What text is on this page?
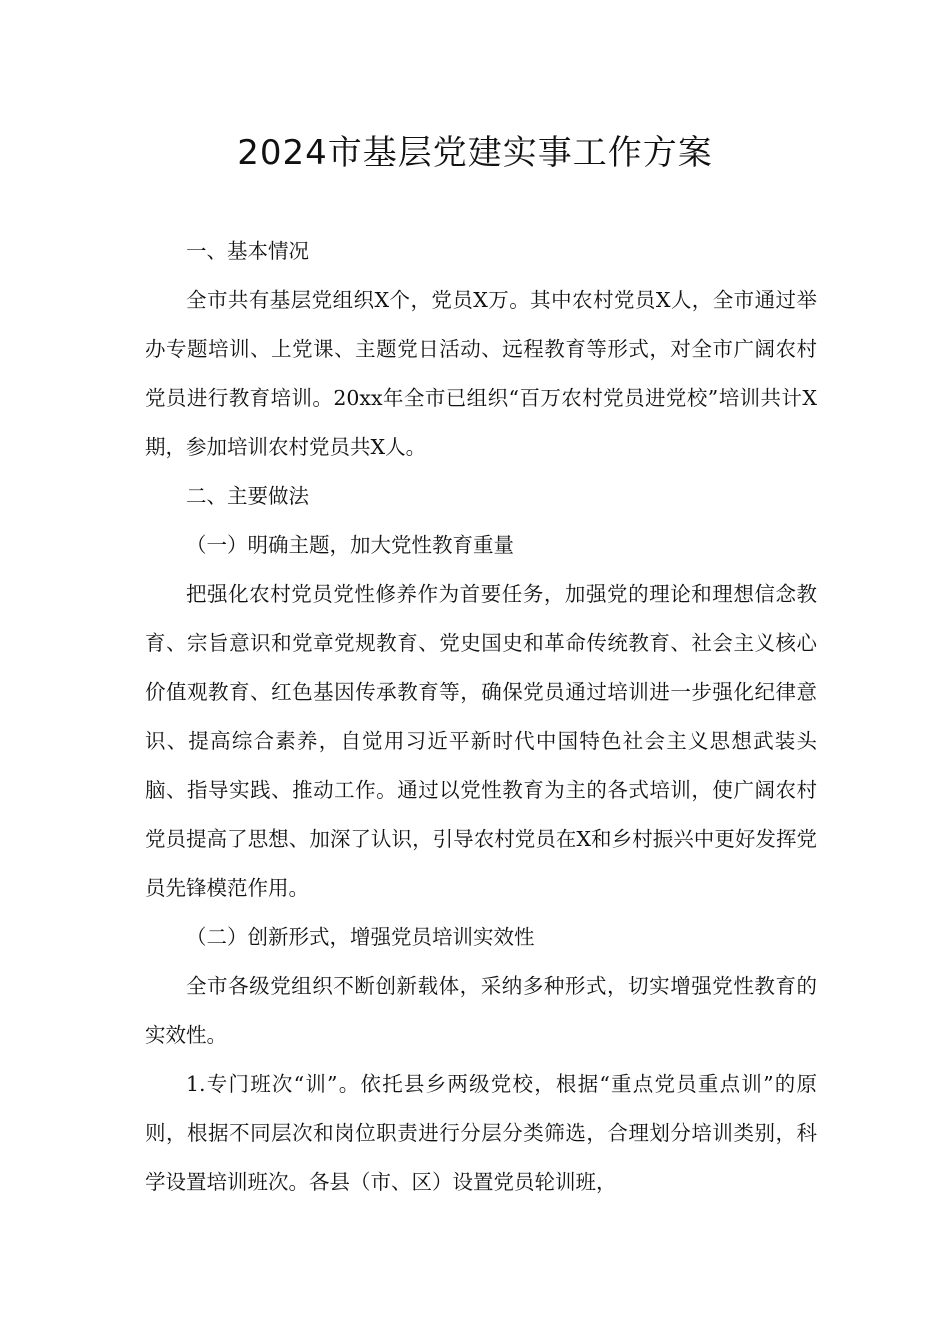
2024市基层党建实事工作方案

一、基本情况

全市共有基层党组织X个，党员X万。其中农村党员X人，全市通过举办专题培训、上党课、主题党日活动、远程教育等形式，对全市广阔农村党员进行教育培训。20xx年全市已组织“百万农村党员进党校”培训共计X期，参加培训农村党员共X人。

二、主要做法

（一）明确主题，加大党性教育重量

把强化农村党员党性修养作为首要任务，加强党的理论和理想信念教育、宗旨意识和党章党规教育、党史国史和革命传统教育、社会主义核心价值观教育、红色基因传承教育等，确保党员通过培训进一步强化纪律意识、提高综合素养，自觉用习近平新时代中国特色社会主义思想武装头脑、指导实践、推动工作。通过以党性教育为主的各式培训，使广阔农村党员提高了思想、加深了认识，引导农村党员在X和乡村振兴中更好发挥党员先锋模范作用。

（二）创新形式，增强党员培训实效性

全市各级党组织不断创新载体，采纳多种形式，切实增强党性教育的实效性。

1.专门班次“训”。依托县乡两级党校，根据“重点党员重点训”的原则，根据不同层次和岗位职责进行分层分类筛选，合理划分培训类别，科学设置培训班次。各县（市、区）设置党员轮训班，
